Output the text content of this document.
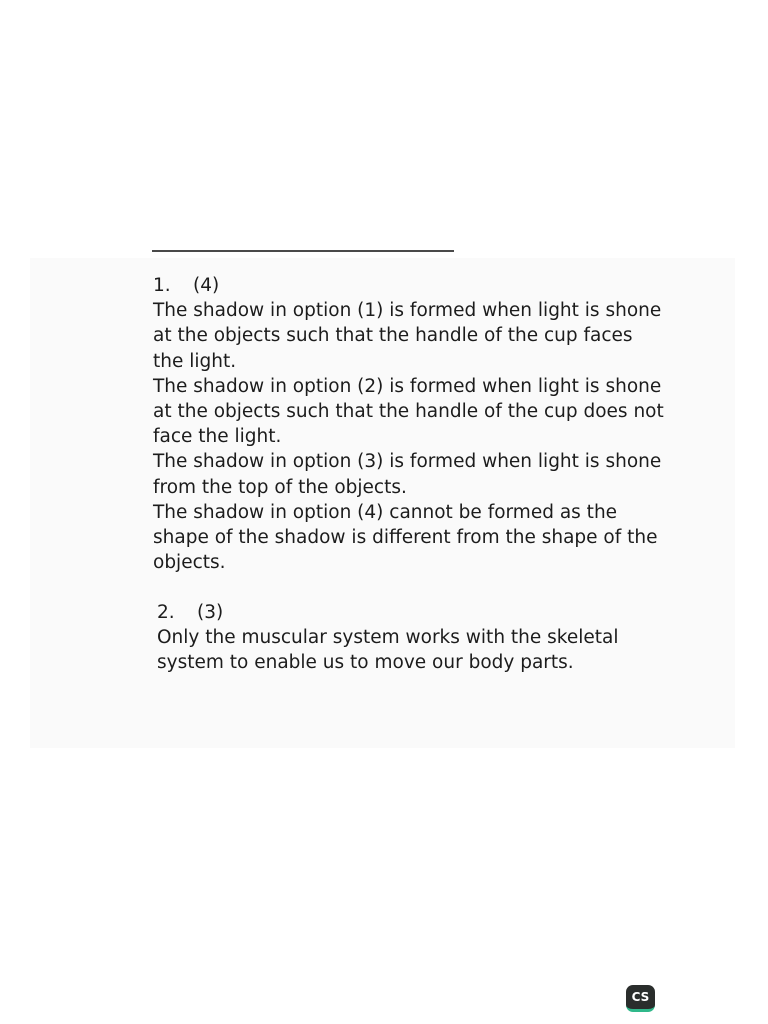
1. (4)
The shadow in option (1) is formed when light is shone
at the objects such that the handle of the cup faces
the light.
The shadow in option (2) is formed when light is shone
at the objects such that the handle of the cup does not
face the light.
The shadow in option (3) is formed when light is shone
from the top of the objects.
The shadow in option (4) cannot be formed as the
shape of the shadow is different from the shape of the
objects.
2. (3)
Only the muscular system works with the skeletal
system to enable us to move our body parts.
CS
